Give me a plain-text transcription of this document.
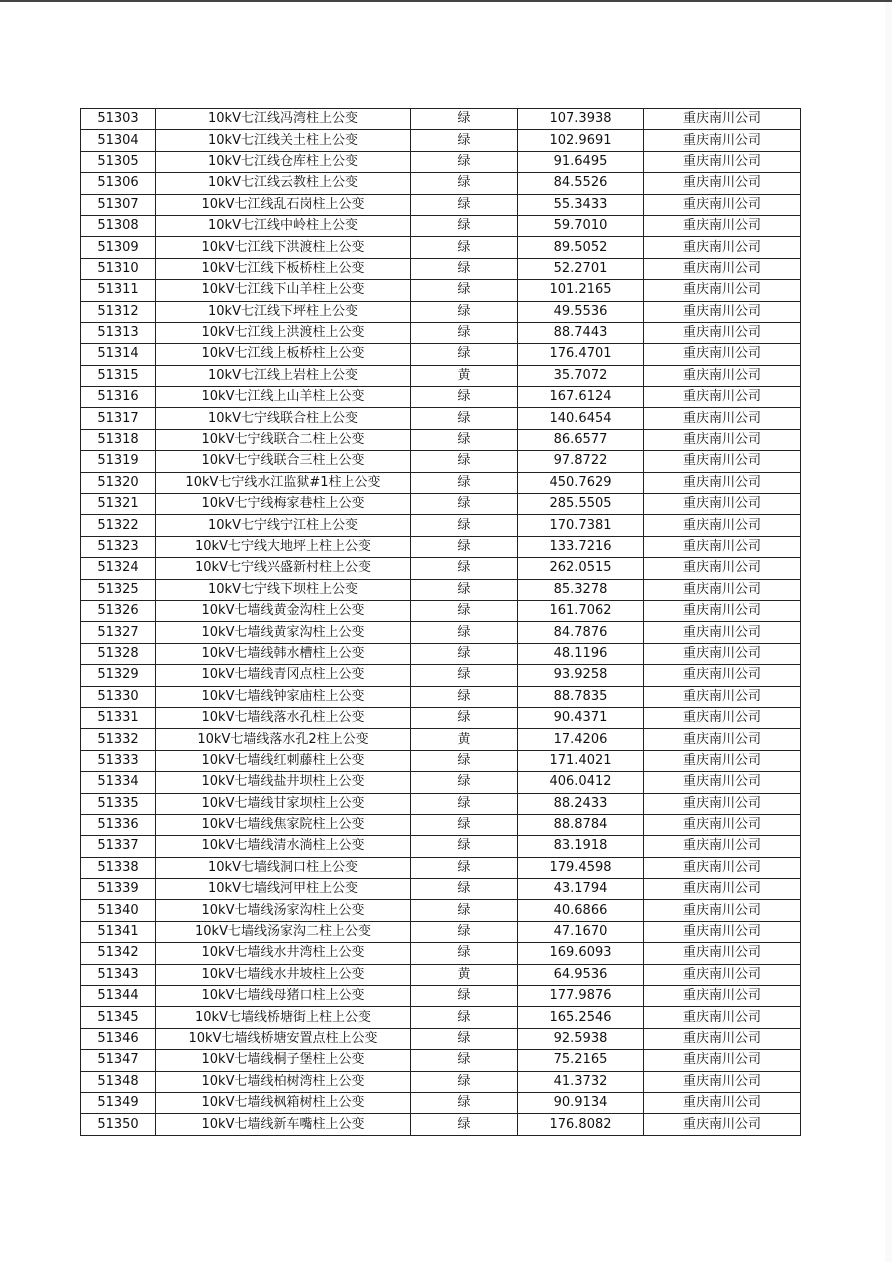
51303	10kV七江线冯湾柱上公变	绿	107.3938	重庆南川公司
51304	10kV七江线关土柱上公变	绿	102.9691	重庆南川公司
51305	10kV七江线仓库柱上公变	绿	91.6495	重庆南川公司
51306	10kV七江线云教柱上公变	绿	84.5526	重庆南川公司
51307	10kV七江线乱石岗柱上公变	绿	55.3433	重庆南川公司
51308	10kV七江线中岭柱上公变	绿	59.7010	重庆南川公司
51309	10kV七江线下洪渡柱上公变	绿	89.5052	重庆南川公司
51310	10kV七江线下板桥柱上公变	绿	52.2701	重庆南川公司
51311	10kV七江线下山羊柱上公变	绿	101.2165	重庆南川公司
51312	10kV七江线下坪柱上公变	绿	49.5536	重庆南川公司
51313	10kV七江线上洪渡柱上公变	绿	88.7443	重庆南川公司
51314	10kV七江线上板桥柱上公变	绿	176.4701	重庆南川公司
51315	10kV七江线上岩柱上公变	黄	35.7072	重庆南川公司
51316	10kV七江线上山羊柱上公变	绿	167.6124	重庆南川公司
51317	10kV七宁线联合柱上公变	绿	140.6454	重庆南川公司
51318	10kV七宁线联合二柱上公变	绿	86.6577	重庆南川公司
51319	10kV七宁线联合三柱上公变	绿	97.8722	重庆南川公司
51320	10kV七宁线水江监狱#1柱上公变	绿	450.7629	重庆南川公司
51321	10kV七宁线梅家巷柱上公变	绿	285.5505	重庆南川公司
51322	10kV七宁线宁江柱上公变	绿	170.7381	重庆南川公司
51323	10kV七宁线大地坪上柱上公变	绿	133.7216	重庆南川公司
51324	10kV七宁线兴盛新村柱上公变	绿	262.0515	重庆南川公司
51325	10kV七宁线下坝柱上公变	绿	85.3278	重庆南川公司
51326	10kV七墙线黄金沟柱上公变	绿	161.7062	重庆南川公司
51327	10kV七墙线黄家沟柱上公变	绿	84.7876	重庆南川公司
51328	10kV七墙线韩水槽柱上公变	绿	48.1196	重庆南川公司
51329	10kV七墙线青冈点柱上公变	绿	93.9258	重庆南川公司
51330	10kV七墙线钟家庙柱上公变	绿	88.7835	重庆南川公司
51331	10kV七墙线落水孔柱上公变	绿	90.4371	重庆南川公司
51332	10kV七墙线落水孔2柱上公变	黄	17.4206	重庆南川公司
51333	10kV七墙线红刺藤柱上公变	绿	171.4021	重庆南川公司
51334	10kV七墙线盐井坝柱上公变	绿	406.0412	重庆南川公司
51335	10kV七墙线甘家坝柱上公变	绿	88.2433	重庆南川公司
51336	10kV七墙线焦家院柱上公变	绿	88.8784	重庆南川公司
51337	10kV七墙线清水淌柱上公变	绿	83.1918	重庆南川公司
51338	10kV七墙线洞口柱上公变	绿	179.4598	重庆南川公司
51339	10kV七墙线河甲柱上公变	绿	43.1794	重庆南川公司
51340	10kV七墙线汤家沟柱上公变	绿	40.6866	重庆南川公司
51341	10kV七墙线汤家沟二柱上公变	绿	47.1670	重庆南川公司
51342	10kV七墙线水井湾柱上公变	绿	169.6093	重庆南川公司
51343	10kV七墙线水井坡柱上公变	黄	64.9536	重庆南川公司
51344	10kV七墙线母猪口柱上公变	绿	177.9876	重庆南川公司
51345	10kV七墙线桥塘街上柱上公变	绿	165.2546	重庆南川公司
51346	10kV七墙线桥塘安置点柱上公变	绿	92.5938	重庆南川公司
51347	10kV七墙线桐子堡柱上公变	绿	75.2165	重庆南川公司
51348	10kV七墙线柏树湾柱上公变	绿	41.3732	重庆南川公司
51349	10kV七墙线枫箱树柱上公变	绿	90.9134	重庆南川公司
51350	10kV七墙线新车嘴柱上公变	绿	176.8082	重庆南川公司
